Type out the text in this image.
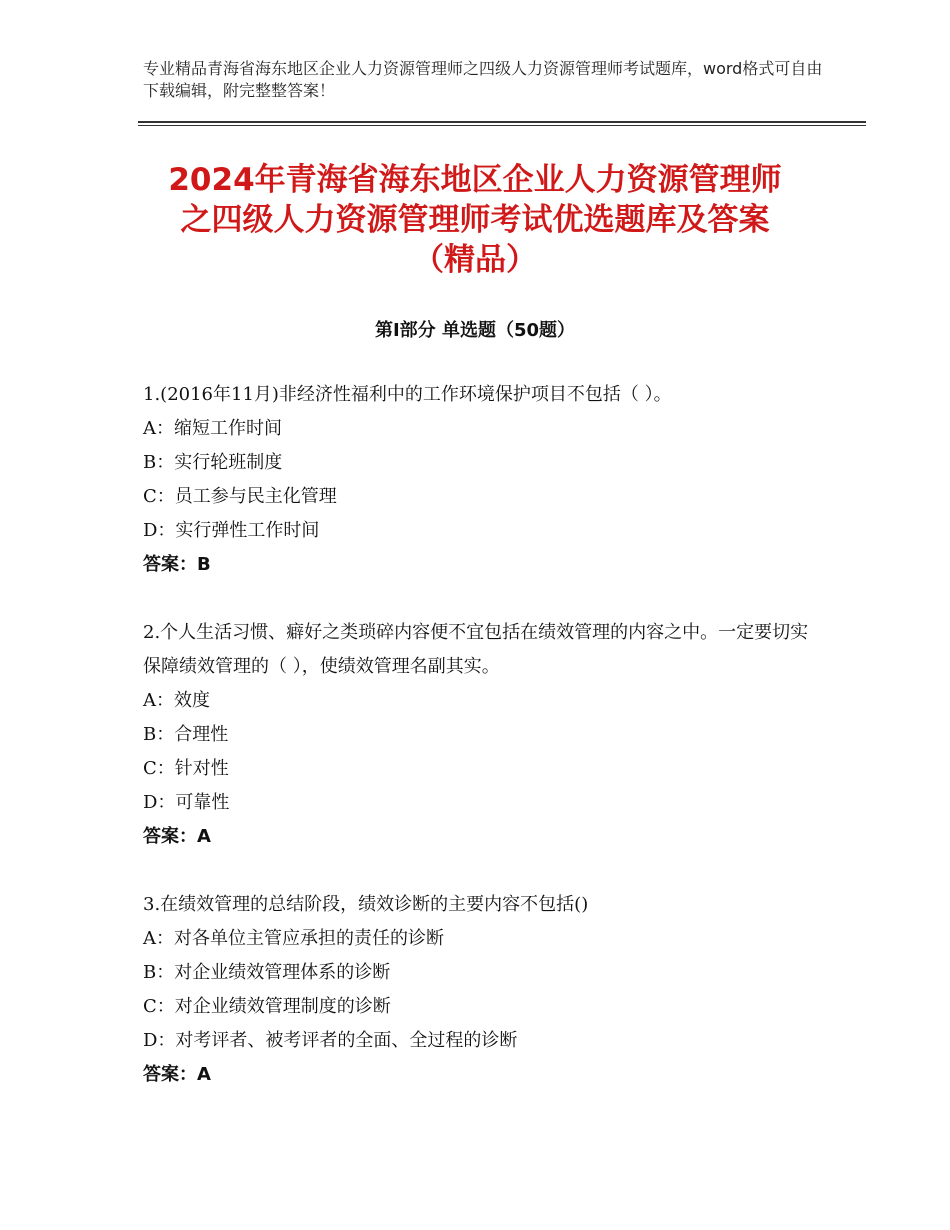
专业精品青海省海东地区企业人力资源管理师之四级人力资源管理师考试题库，word格式可自由下载编辑，附完整整答案！
2024年青海省海东地区企业人力资源管理师
之四级人力资源管理师考试优选题库及答案
（精品）
第Ⅰ部分 单选题（50题）

1.(2016年11月)非经济性福利中的工作环境保护项目不包括（ ）。

A：缩短工作时间
B：实行轮班制度
C：员工参与民主化管理
D：实行弹性工作时间
答案：B

2.个人生活习惯、癖好之类琐碎内容便不宜包括在绩效管理的内容之中。一定要切实保障绩效管理的（ ），使绩效管理名副其实。

A：效度
B：合理性
C：针对性
D：可靠性
答案：A

3.在绩效管理的总结阶段，绩效诊断的主要内容不包括()

A：对各单位主管应承担的责任的诊断
B：对企业绩效管理体系的诊断
C：对企业绩效管理制度的诊断
D：对考评者、被考评者的全面、全过程的诊断
答案：A
